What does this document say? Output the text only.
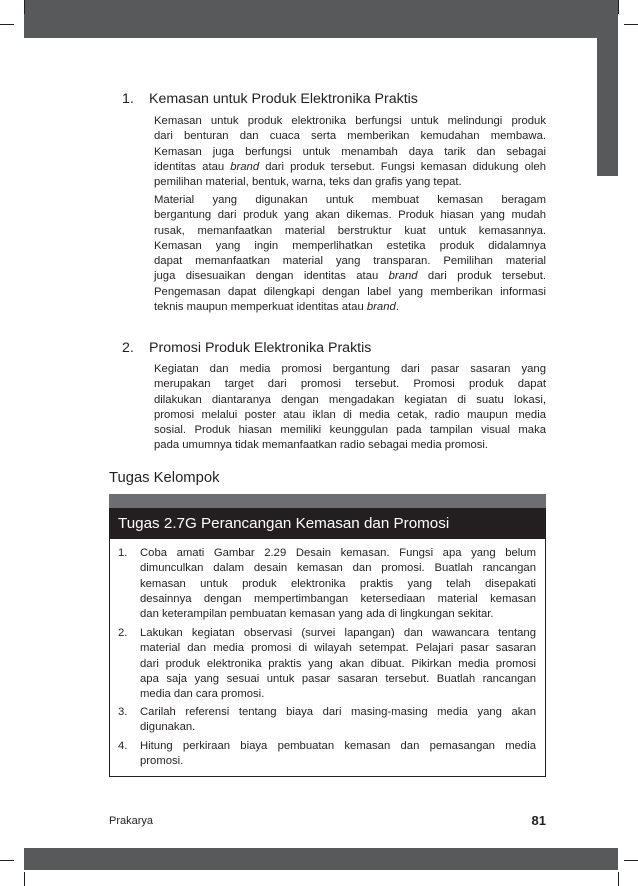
1. Kemasan untuk Produk Elektronika Praktis
Kemasan untuk produk elektronika berfungsi untuk melindungi produk
dari benturan dan cuaca serta memberikan kemudahan membawa.
Kemasan juga berfungsi untuk menambah daya tarik dan sebagai
identitas atau brand dari produk tersebut. Fungsi kemasan didukung oleh
pemilihan material, bentuk, warna, teks dan grafis yang tepat.
Material yang digunakan untuk membuat kemasan beragam
bergantung dari produk yang akan dikemas. Produk hiasan yang mudah
rusak, memanfaatkan material berstruktur kuat untuk kemasannya.
Kemasan yang ingin memperlihatkan estetika produk didalamnya
dapat memanfaatkan material yang transparan. Pemilihan material
juga disesuaikan dengan identitas atau brand dari produk tersebut.
Pengemasan dapat dilengkapi dengan label yang memberikan informasi
teknis maupun memperkuat identitas atau brand.
2. Promosi Produk Elektronika Praktis
Kegiatan dan media promosi bergantung dari pasar sasaran yang
merupakan target dari promosi tersebut. Promosi produk dapat
dilakukan diantaranya dengan mengadakan kegiatan di suatu lokasi,
promosi melalui poster atau iklan di media cetak, radio maupun media
sosial. Produk hiasan memiliki keunggulan pada tampilan visual maka
pada umumnya tidak memanfaatkan radio sebagai media promosi.
Tugas Kelompok
Tugas 2.7G Perancangan Kemasan dan Promosi
1.	Coba amati Gambar 2.29 Desain kemasan. Fungsi apa yang belum
dimunculkan dalam desain kemasan dan promosi. Buatlah rancangan
kemasan untuk produk elektronika praktis yang telah disepakati
desainnya dengan mempertimbangan ketersediaan material kemasan
dan keterampilan pembuatan kemasan yang ada di lingkungan sekitar.
2.	Lakukan kegiatan observasi (survei lapangan) dan wawancara tentang
material dan media promosi di wilayah setempat. Pelajari pasar sasaran
dari produk elektronika praktis yang akan dibuat. Pikirkan media promosi
apa saja yang sesuai untuk pasar sasaran tersebut. Buatlah rancangan
media dan cara promosi.
3.	Carilah referensi tentang biaya dari masing-masing media yang akan
digunakan.
4.	Hitung perkiraan biaya pembuatan kemasan dan pemasangan media
promosi.
Prakarya	81
